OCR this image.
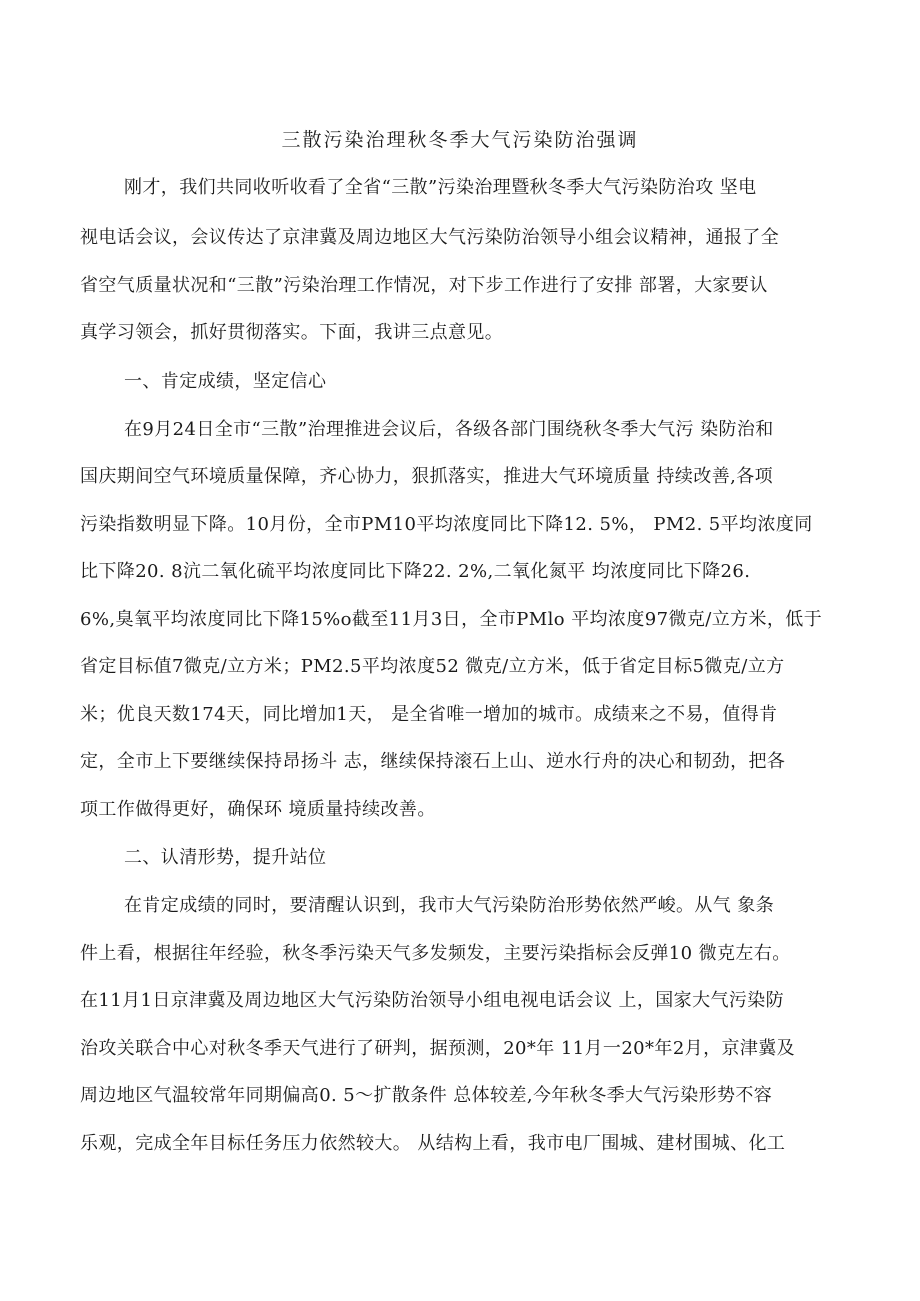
三散污染治理秋冬季大气污染防治强调
刚才，我们共同收听收看了全省“三散”污染治理暨秋冬季大气污染防治攻 坚电
视电话会议，会议传达了京津冀及周边地区大气污染防治领导小组会议精神，通报了全
省空气质量状况和“三散”污染治理工作情况，对下步工作进行了安排 部署，大家要认
真学习领会，抓好贯彻落实。下面，我讲三点意见。
一、肯定成绩，坚定信心
在9月24日全市“三散”治理推进会议后，各级各部门围绕秋冬季大气污 染防治和
国庆期间空气环境质量保障，齐心协力，狠抓落实，推进大气环境质量 持续改善,各项
污染指数明显下降。10月份，全市PM10平均浓度同比下降12. 5%， PM2. 5平均浓度同
比下降20. 8沆二氧化硫平均浓度同比下降22. 2%,二氧化氮平 均浓度同比下降26.
6%,臭氧平均浓度同比下降15%o截至11月3日，全市PMlo 平均浓度97微克/立方米，低于
省定目标值7微克/立方米；PM2.5平均浓度52 微克/立方米，低于省定目标5微克/立方
米；优良天数174天，同比增加1天， 是全省唯一增加的城市。成绩来之不易，值得肯
定，全市上下要继续保持昂扬斗 志，继续保持滚石上山、逆水行舟的决心和韧劲，把各
项工作做得更好，确保环 境质量持续改善。
二、认清形势，提升站位
在肯定成绩的同时，要清醒认识到，我市大气污染防治形势依然严峻。从气 象条
件上看，根据往年经验，秋冬季污染天气多发频发，主要污染指标会反弹10 微克左右。
在11月1日京津冀及周边地区大气污染防治领导小组电视电话会议 上，国家大气污染防
治攻关联合中心对秋冬季天气进行了研判，据预测，20*年 11月一20*年2月，京津冀及
周边地区气温较常年同期偏高0. 5～扩散条件 总体较差,今年秋冬季大气污染形势不容
乐观，完成全年目标任务压力依然较大。 从结构上看，我市电厂围城、建材围城、化工
